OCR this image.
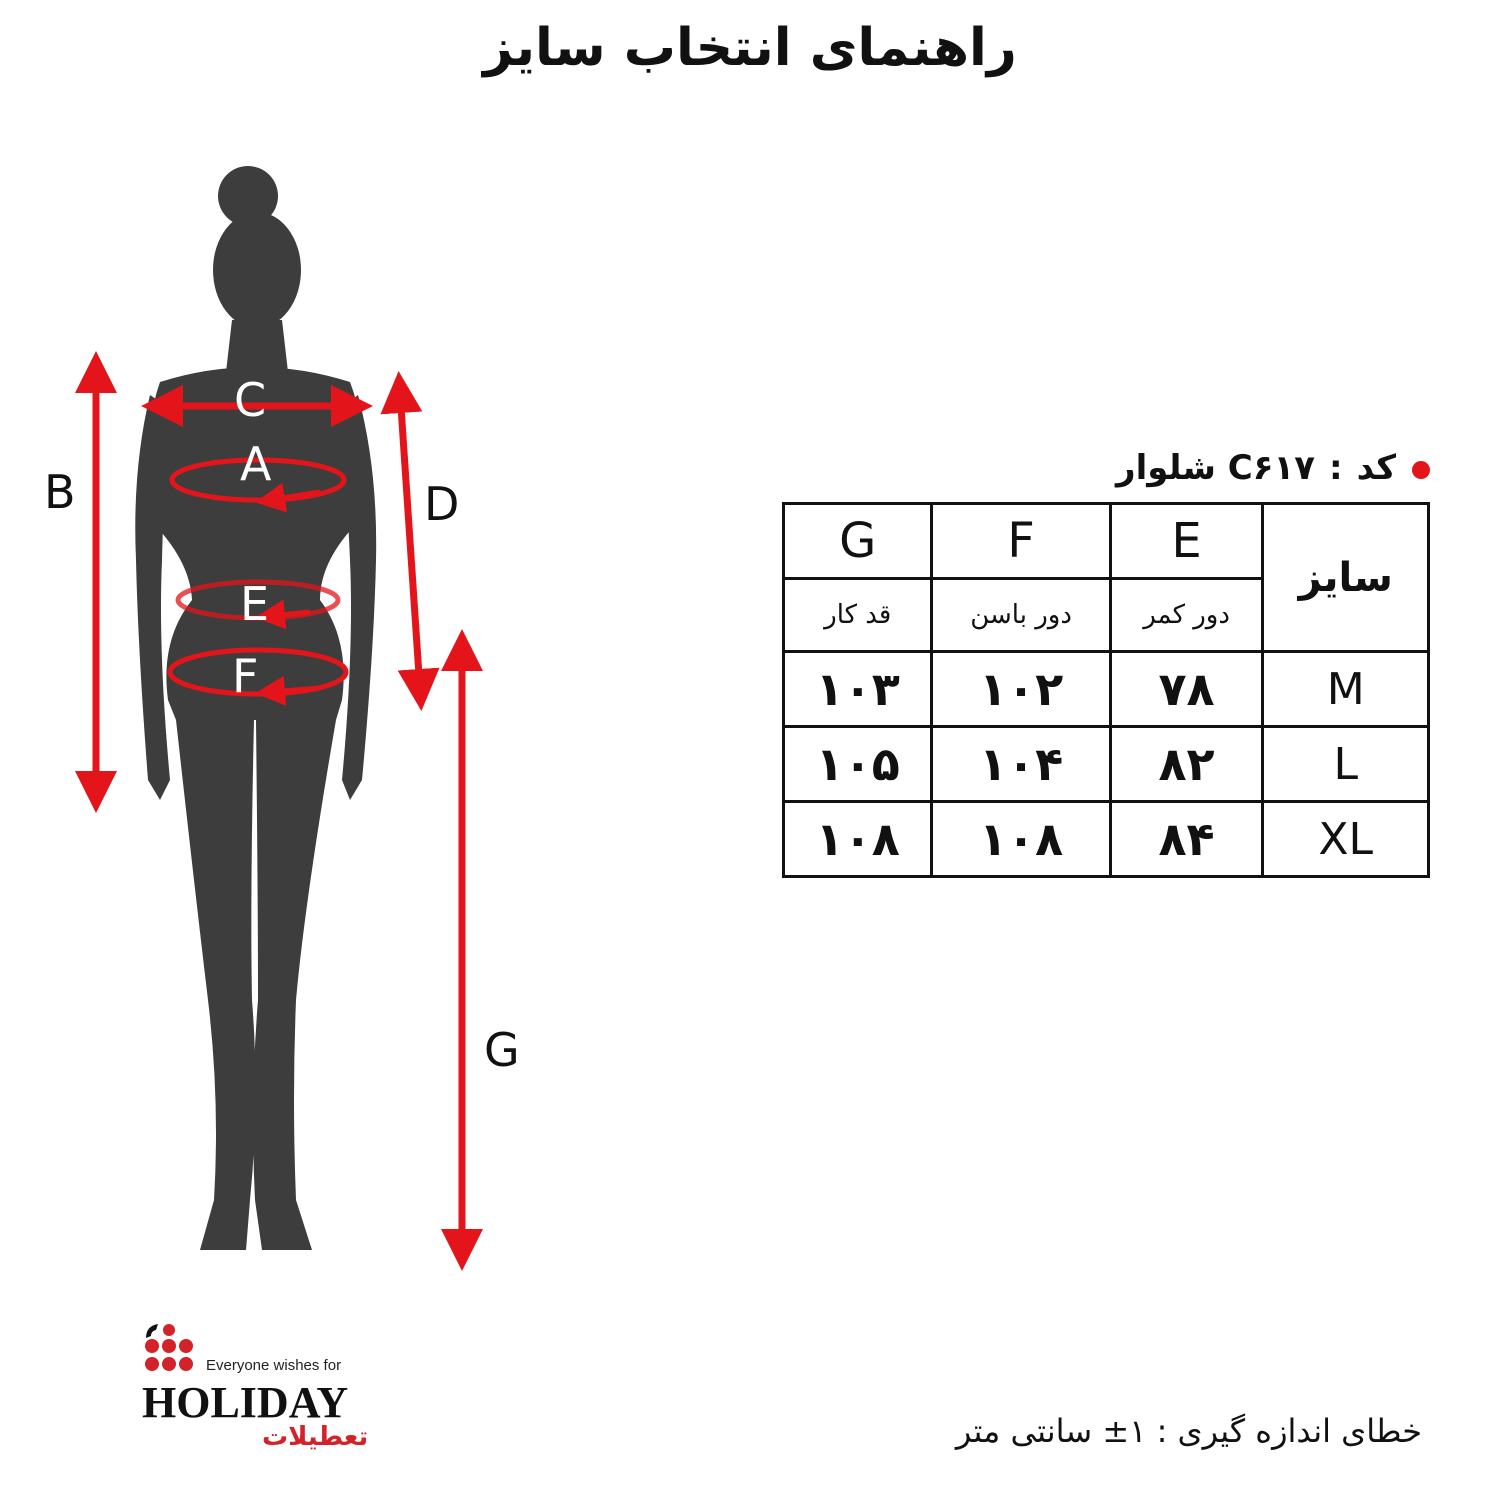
راهنمای انتخاب سایز
C
A
E
F
B	D
G
کد:C۶۱۷ شلوار
G	F	E	سایز
قد کار	دور باسن	دور کمر	
۱۰۳	۱۰۲	۷۸	M
۱۰۵	۱۰۴	۸۲	L
۱۰۸	۱۰۸	۸۴	XL
Everyone wishes for
HOLIDAY
تعطیلات	خطای اندازه گیری : ۱± سانتی متر
